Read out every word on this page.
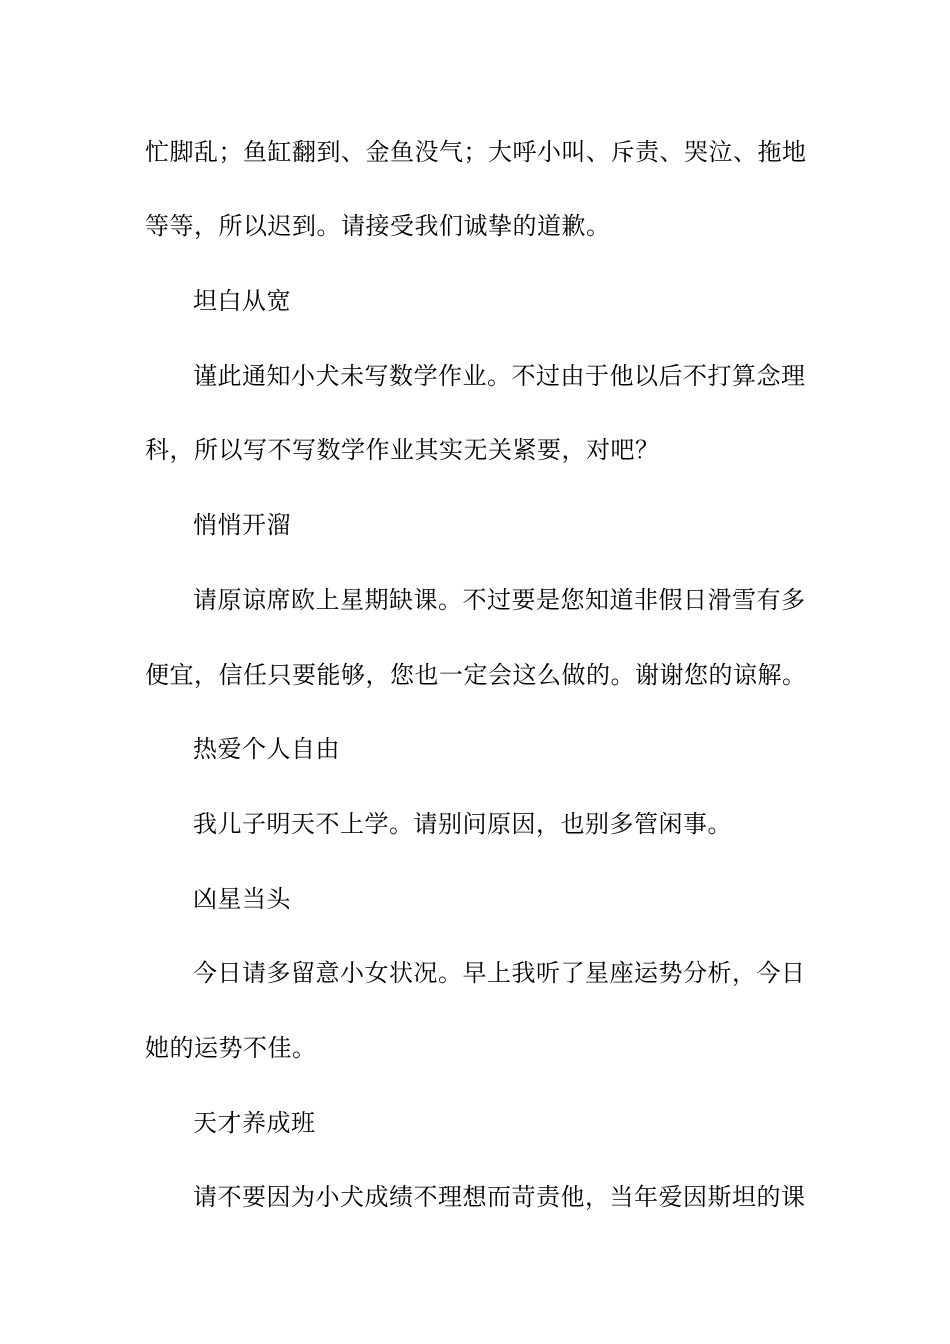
忙脚乱；鱼缸翻到、金鱼没气；大呼小叫、斥责、哭泣、拖地
等等，所以迟到。请接受我们诚挚的道歉。
坦白从宽
谨此通知小犬未写数学作业。不过由于他以后不打算念理
科，所以写不写数学作业其实无关紧要，对吧？
悄悄开溜
请原谅席欧上星期缺课。不过要是您知道非假日滑雪有多
便宜，信任只要能够，您也一定会这么做的。谢谢您的谅解。
热爱个人自由
我儿子明天不上学。请别问原因，也别多管闲事。
凶星当头
今日请多留意小女状况。早上我听了星座运势分析，今日
她的运势不佳。
天才养成班
请不要因为小犬成绩不理想而苛责他，当年爱因斯坦的课
